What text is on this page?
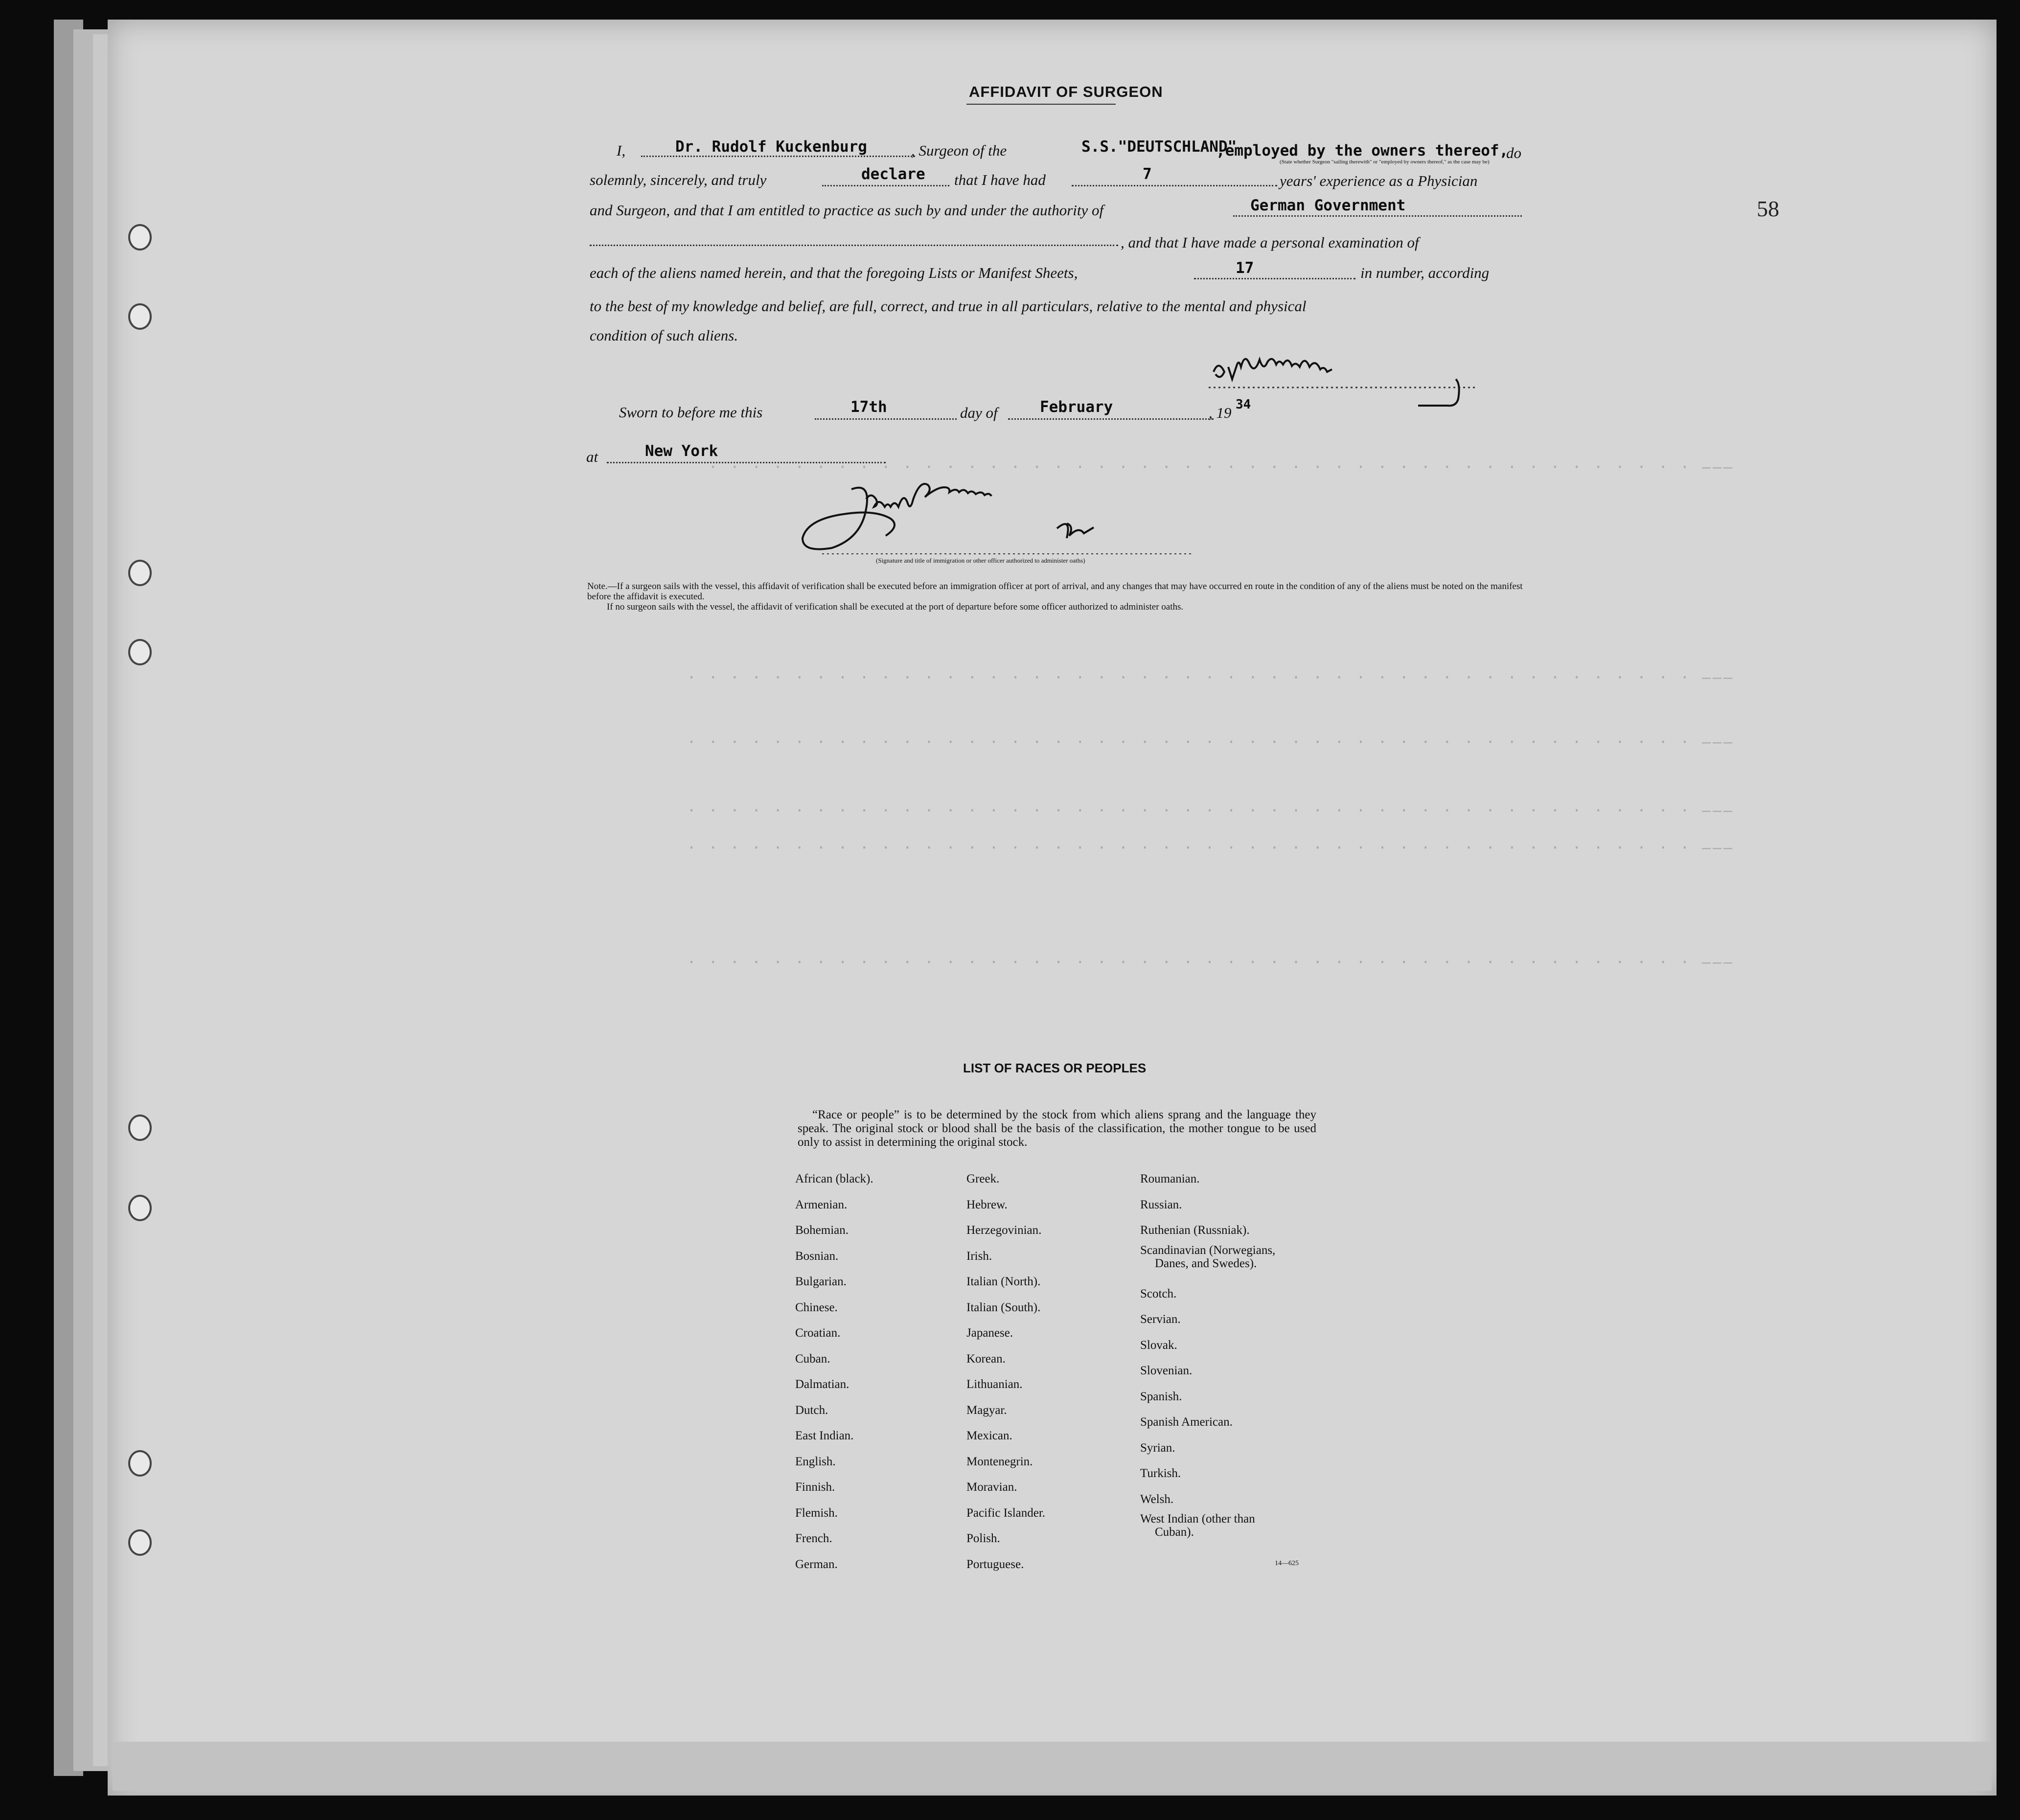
58
——— · · · · · · · · · · · · · · · · · · · · · · · · · · · · · · · · · · · · · · · · · · · · · ·
——— · · · · · · · · · · · · · · · · · · · · · · · · · · · · · · · · · · · · · · · · · · · · · · ·
——— · · · · · · · · · · · · · · · · · · · · · · · · · · · · · · · · · · · · · · · · · · · · · · ·
——— · · · · · · · · · · · · · · · · · · · · · · · · · · · · · · · · · · · · · · · · · · · · · · ·
——— · · · · · · · · · · · · · · · · · · · · · · · · · · · · · · · · · · · · · · · · · · · · · · ·
——— · · · · · · · · · · · · · · · · · · · · · · · · · · · · · · · · · · · · · · · · · · · · · · ·
AFFIDAVIT OF SURGEON
I,	Dr. Rudolf Kuckenburg	, Surgeon of the	S.S."DEUTSCHLAND"
,employed by the owners thereof,
do
(State whether Surgeon "sailing therewith" or "employed by owners thereof," as the case may be)
solemnly, sincerely, and truly	declare that I have had	7	years' experience as a Physician
and Surgeon, and that I am entitled to practice as such by and under the authority of	German Government
, and that I have made a personal examination of
each of the aliens named herein, and that the foregoing Lists or Manifest Sheets,	17	in number, according
to the best of my knowledge and belief, are full, correct, and true in all particulars, relative to the mental and physical
condition of such aliens.
Sworn to before me this	17th	day of	February	, 19 34
at	New York
(Signature and title of immigration or other officer authorized to administer oaths)

Note.—If a surgeon sails with the vessel, this affidavit of verification shall be executed before an immigration officer at port of arrival, and any changes that may have occurred en route in the condition of any of the aliens must be noted on the manifest before the affidavit is executed.

If no surgeon sails with the vessel, the affidavit of verification shall be executed at the port of departure before some officer authorized to administer oaths.

LIST OF RACES OR PEOPLES
“Race or people” is to be determined by the stock from which aliens sprang and the language they speak. The original stock or blood shall be the basis of the classification, the mother tongue to be used only to assist in determining the original stock.
African (black).
Armenian.
Bohemian.
Bosnian.
Bulgarian.
Chinese.
Croatian.
Cuban.
Dalmatian.
Dutch.
East Indian.
English.
Finnish.
Flemish.
French.
German.
Greek.
Hebrew.
Herzegovinian.
Irish.
Italian (North).
Italian (South).
Japanese.
Korean.
Lithuanian.
Magyar.
Mexican.
Montenegrin.
Moravian.
Pacific Islander.
Polish.
Portuguese.
Roumanian.
Russian.
Ruthenian (Russniak).
Scandinavian (Norwegians,
Danes, and Swedes).
Scotch.
Servian.
Slovak.
Slovenian.
Spanish.
Spanish American.
Syrian.
Turkish.
Welsh.
West Indian (other than
Cuban).
14—625
